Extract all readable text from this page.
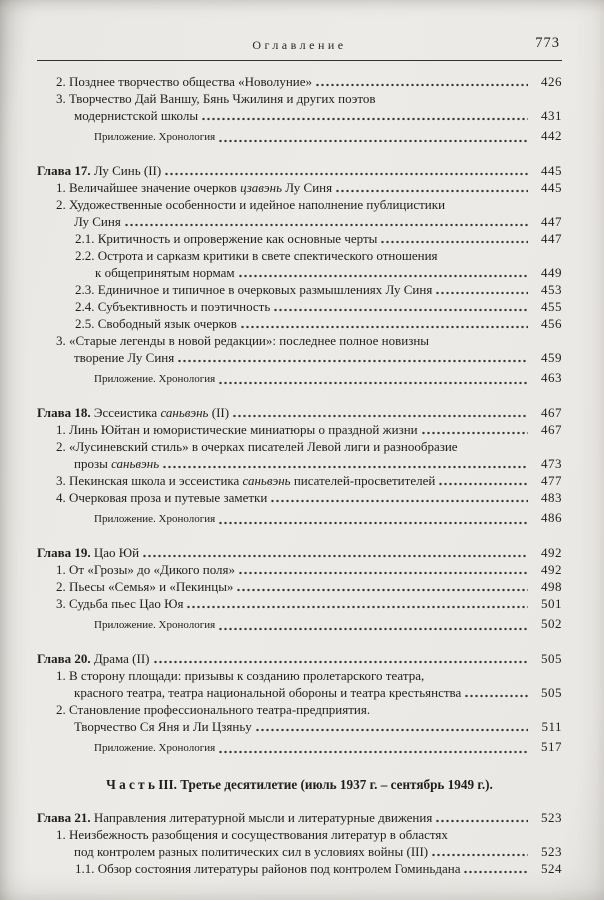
Оглавление	773
2. Позднее творчество общества «Новолуние»	426
3. Творчество Дай Ваншу, Бянь Чжилиня и других поэтов
модернистской школы	431
Приложение. Хронология	442
Глава 17. Лу Синь (II)	445
1. Величайшее значение очерков цзавэнь Лу Синя	445
2. Художественные особенности и идейное наполнение публицистики
Лу Синя	447
2.1. Критичность и опровержение как основные черты	447
2.2. Острота и сарказм критики в свете спектического отношения
к общепринятым нормам	449
2.3. Единичное и типичное в очерковых размышлениях Лу Синя	453
2.4. Субъективность и поэтичность	455
2.5. Свободный язык очерков	456
3. «Старые легенды в новой редакции»: последнее полное новизны
творение Лу Синя	459
Приложение. Хронология	463
Глава 18. Эссеистика саньвэнь (II)	467
1. Линь Юйтан и юмористические миниатюры о праздной жизни	467
2. «Лусиневский стиль» в очерках писателей Левой лиги и разнообразие
прозы саньвэнь	473
3. Пекинская школа и эссеистика саньвэнь писателей-просветителей	477
4. Очерковая проза и путевые заметки	483
Приложение. Хронология	486
Глава 19. Цао Юй	492
1. От «Грозы» до «Дикого поля»	492
2. Пьесы «Семья» и «Пекинцы»	498
3. Судьба пьес Цао Юя	501
Приложение. Хронология	502
Глава 20. Драма (II)	505
1. В сторону площади: призывы к созданию пролетарского театра,
красного театра, театра национальной обороны и театра крестьянства	505
2. Становление профессионального театра-предприятия.
Творчество Ся Яня и Ли Цзяньу	511
Приложение. Хронология	517
Ч а с т ь III. Третье десятилетие (июль 1937 г. – сентябрь 1949 г.).
Глава 21. Направления литературной мысли и литературные движения	523
1. Неизбежность разобщения и сосуществования литератур в областях
под контролем разных политических сил в условиях войны (III)	523
1.1. Обзор состояния литературы районов под контролем Гоминьдана	524
